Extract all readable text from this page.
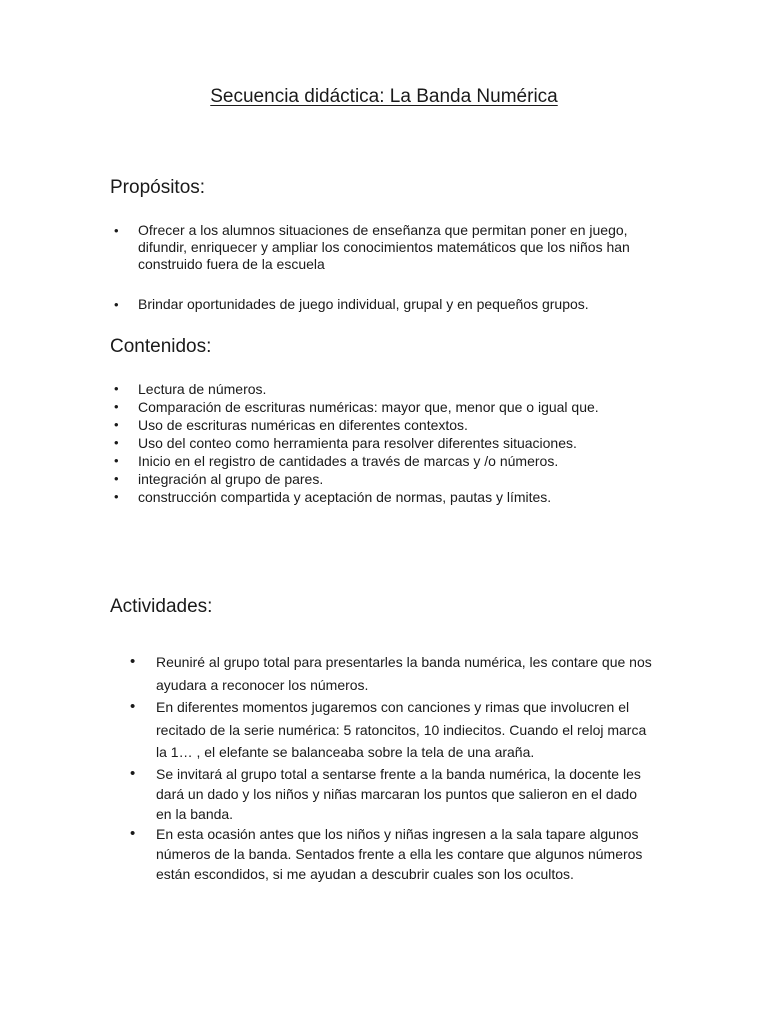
Secuencia didáctica: La Banda Numérica
Propósitos:
• Ofrecer a los alumnos situaciones de enseñanza que permitan poner en juego, difundir, enriquecer y ampliar los conocimientos matemáticos que los niños han construido fuera de la escuela
• Brindar oportunidades de juego individual, grupal y en pequeños grupos.
Contenidos:
• Lectura de números.
• Comparación de escrituras numéricas: mayor que, menor que o igual que.
• Uso de escrituras numéricas en diferentes contextos.
• Uso del conteo como herramienta para resolver diferentes situaciones.
• Inicio en el registro de cantidades a través de marcas y /o números.
• integración al grupo de pares.
• construcción compartida y aceptación de normas, pautas y límites.
Actividades:
• Reuniré al grupo total para presentarles la banda numérica, les contare que nos ayudara a reconocer los números.
• En diferentes momentos jugaremos con canciones y rimas que involucren el recitado de la serie numérica: 5 ratoncitos, 10 indiecitos. Cuando el reloj marca la 1… , el elefante se balanceaba sobre la tela de una araña.
• Se invitará al grupo total a sentarse frente a la banda numérica, la docente les dará un dado y los niños y niñas marcaran los puntos que salieron en el dado en la banda.
• En esta ocasión antes que los niños y niñas ingresen a la sala tapare algunos números de la banda. Sentados frente a ella les contare que algunos números están escondidos, si me ayudan a descubrir cuales son los ocultos.
